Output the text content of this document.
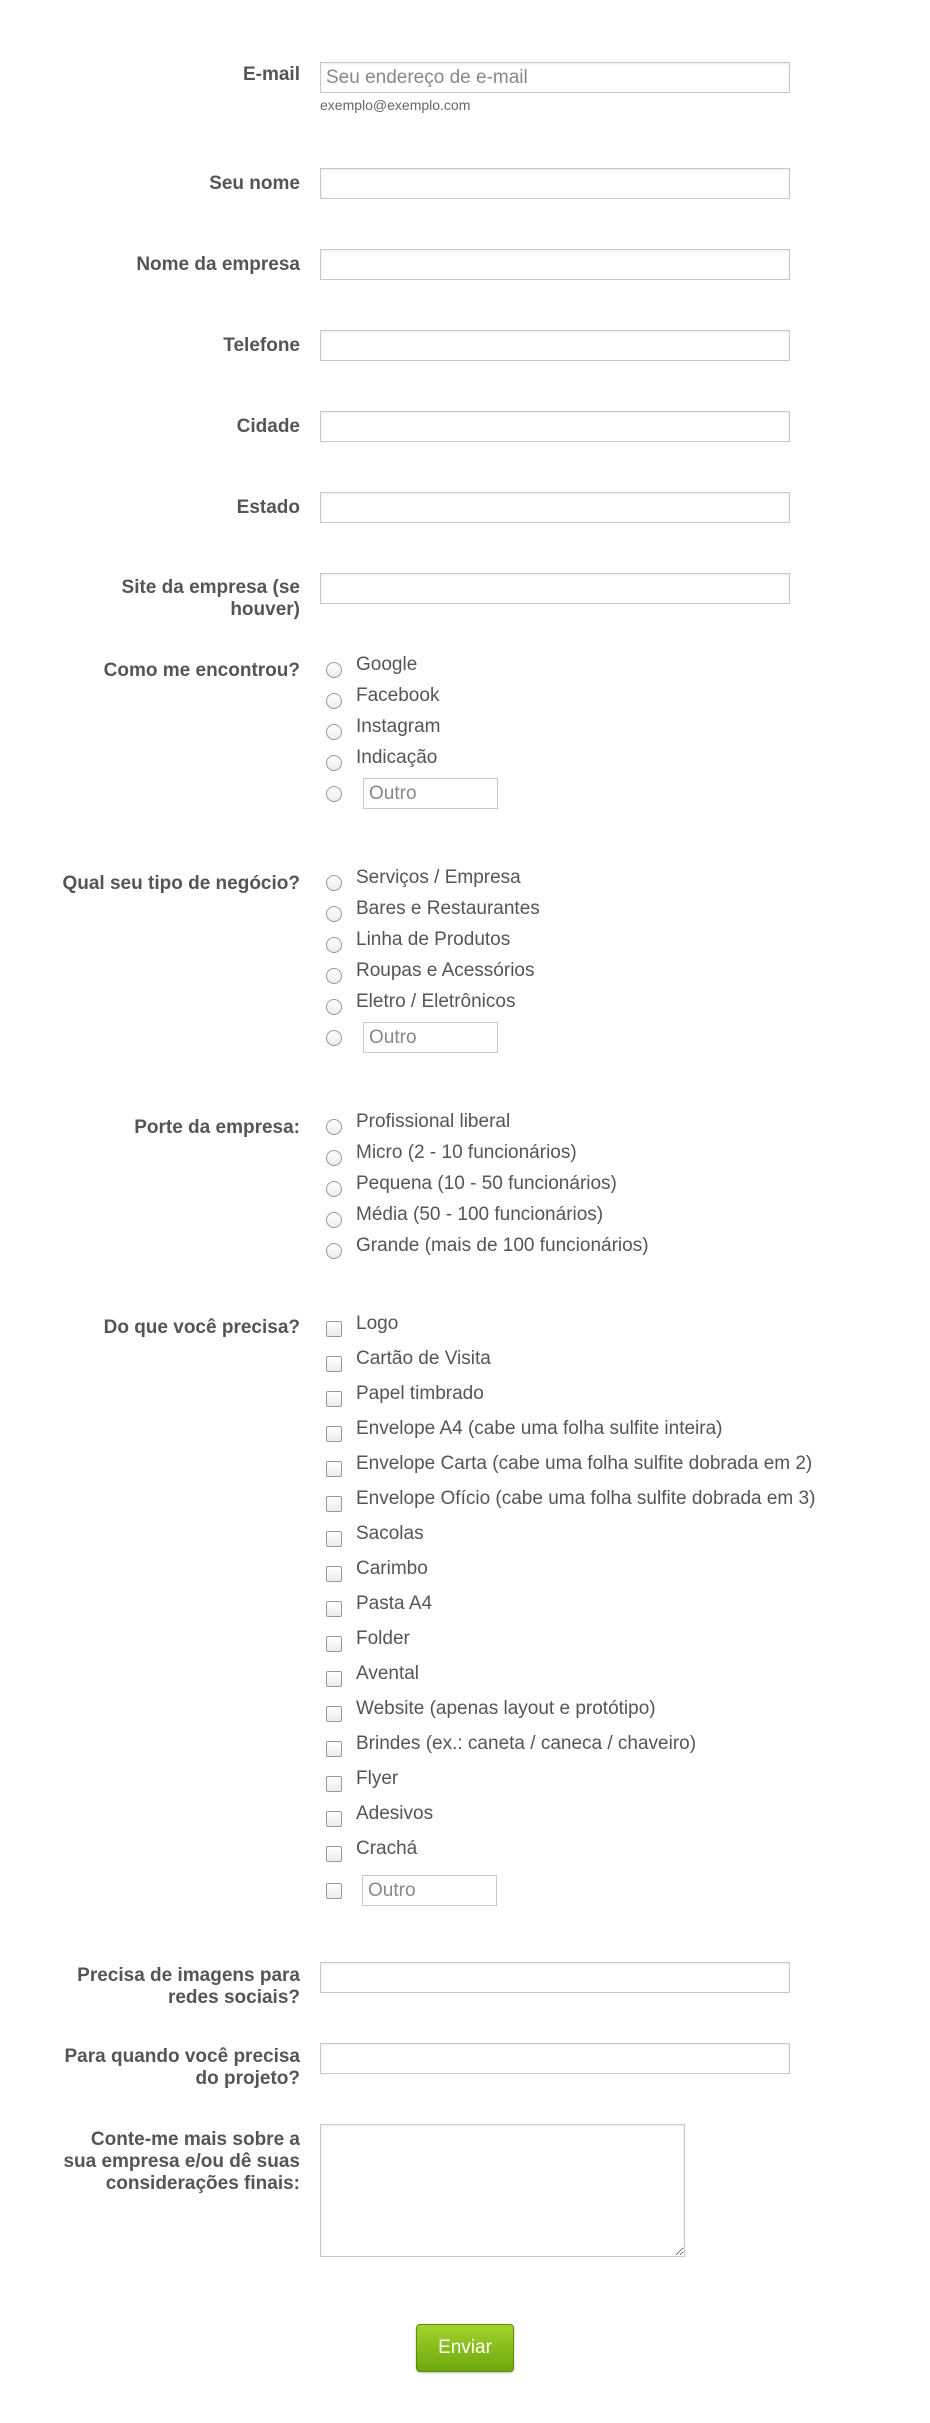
E-mail
Seu endereço de e-mail
exemplo@exemplo.com
Seu nome
Nome da empresa
Telefone
Cidade
Estado
Site da empresa (se
houver)
Como me encontrou?	Google
Facebook
Instagram
Indicação
Outro
Qual seu tipo de negócio?	Serviços / Empresa
Bares e Restaurantes
Linha de Produtos
Roupas e Acessórios
Eletro / Eletrônicos
Outro
Porte da empresa:	Profissional liberal
Micro (2 - 10 funcionários)
Pequena (10 - 50 funcionários)
Média (50 - 100 funcionários)
Grande (mais de 100 funcionários)
Do que você precisa?	Logo
Cartão de Visita
Papel timbrado
Envelope A4 (cabe uma folha sulfite inteira)
Envelope Carta (cabe uma folha sulfite dobrada em 2)
Envelope Ofício (cabe uma folha sulfite dobrada em 3)
Sacolas
Carimbo
Pasta A4
Folder
Avental
Website (apenas layout e protótipo)
Brindes (ex.: caneta / caneca / chaveiro)
Flyer
Adesivos
Crachá
Outro
Precisa de imagens para
redes sociais?
Para quando você precisa
do projeto?
Conte-me mais sobre a
sua empresa e/ou dê suas
considerações finais:
Enviar
